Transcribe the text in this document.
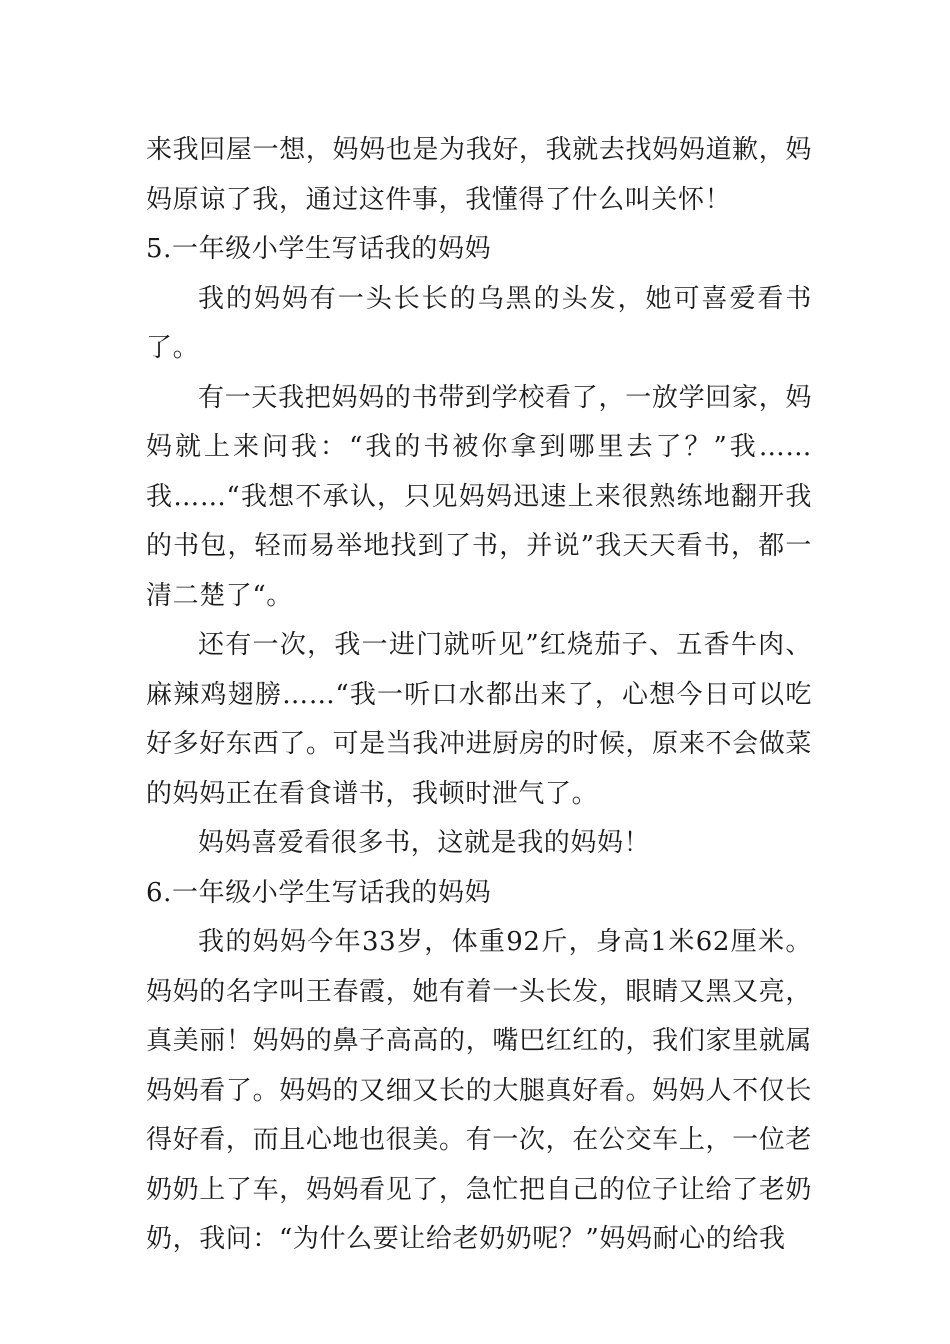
来我回屋一想，妈妈也是为我好，我就去找妈妈道歉，妈妈原谅了我，通过这件事，我懂得了什么叫关怀！

5.一年级小学生写话我的妈妈

我的妈妈有一头长长的乌黑的头发，她可喜爱看书了。

有一天我把妈妈的书带到学校看了，一放学回家，妈妈就上来问我：“我的书被你拿到哪里去了？”我……我……“我想不承认，只见妈妈迅速上来很熟练地翻开我的书包，轻而易举地找到了书，并说”我天天看书，都一清二楚了“。

还有一次，我一进门就听见”红烧茄子、五香牛肉、麻辣鸡翅膀……“我一听口水都出来了，心想今日可以吃好多好东西了。可是当我冲进厨房的时候，原来不会做菜的妈妈正在看食谱书，我顿时泄气了。

妈妈喜爱看很多书，这就是我的妈妈！

6.一年级小学生写话我的妈妈

我的妈妈今年33岁，体重92斤，身高1米62厘米。妈妈的名字叫王春霞，她有着一头长发，眼睛又黑又亮，真美丽！妈妈的鼻子高高的，嘴巴红红的，我们家里就属妈妈看了。妈妈的又细又长的大腿真好看。妈妈人不仅长得好看，而且心地也很美。有一次，在公交车上，一位老奶奶上了车，妈妈看见了，急忙把自己的位子让给了老奶奶，我问：“为什么要让给老奶奶呢？”妈妈耐心的给我
